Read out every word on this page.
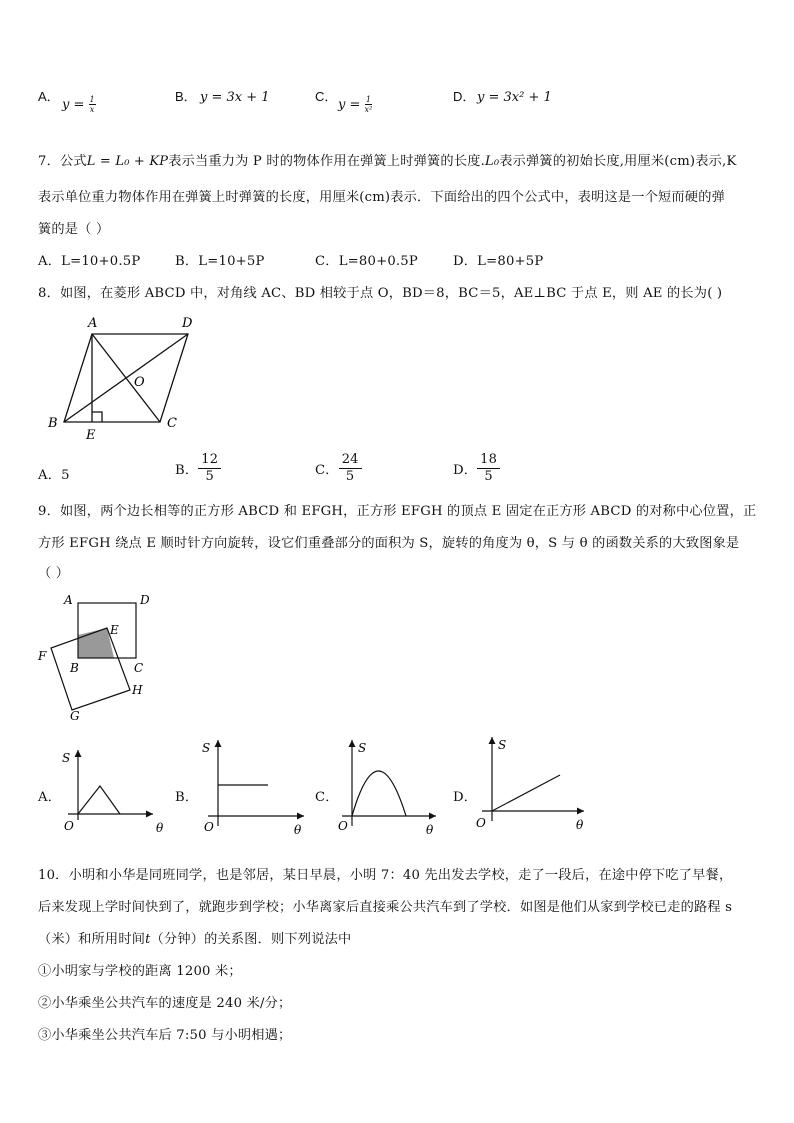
A．
$y = \frac{1}{x}$	B． y = 3x + 1	C．
$y = \frac{1}{\text{x²}}$	D． y = 3x² + 1
7．公式L = L₀ + KP表示当重力为 P 时的物体作用在弹簧上时弹簧的长度.L₀表示弹簧的初始长度,用厘米(cm)表示,K
表示单位重力物体作用在弹簧上时弹簧的长度，用厘米(cm)表示．下面给出的四个公式中，表明这是一个短而硬的弹
簧的是（ ）
A．L=10+0.5P	B．L=10+5P	C．L=80+0.5P	D．L=80+5P
8．如图，在菱形 ABCD 中，对角线 AC、BD 相较于点 O，BD＝8，BC＝5，AE⊥BC 于点 E，则 AE 的长为( )
A	D
O
B	C
E
A．5	B． $\frac{12}{5}$	C． $\frac{24}{5}$	D． $\frac{18}{5}$
9．如图，两个边长相等的正方形 ABCD 和 EFGH，正方形 EFGH 的顶点 E 固定在正方形 ABCD 的对称中心位置，正
方形 EFGH 绕点 E 顺时针方向旋转，设它们重叠部分的面积为 S，旋转的角度为 θ，S 与 θ 的函数关系的大致图象是
（ ）
A	D
E
F
B	C
H
G
A．
S
O	θ
B．
S
O	θ
C．
S
O	θ
D．
S
O	θ
10．小明和小华是同班同学，也是邻居，某日早晨，小明 7：40 先出发去学校，走了一段后，在途中停下吃了早餐，
后来发现上学时间快到了，就跑步到学校；小华离家后直接乘公共汽车到了学校．如图是他们从家到学校已走的路程 s
（米）和所用时间t（分钟）的关系图．则下列说法中
①小明家与学校的距离 1200 米；
②小华乘坐公共汽车的速度是 240 米/分；
③小华乘坐公共汽车后 7:50 与小明相遇；
